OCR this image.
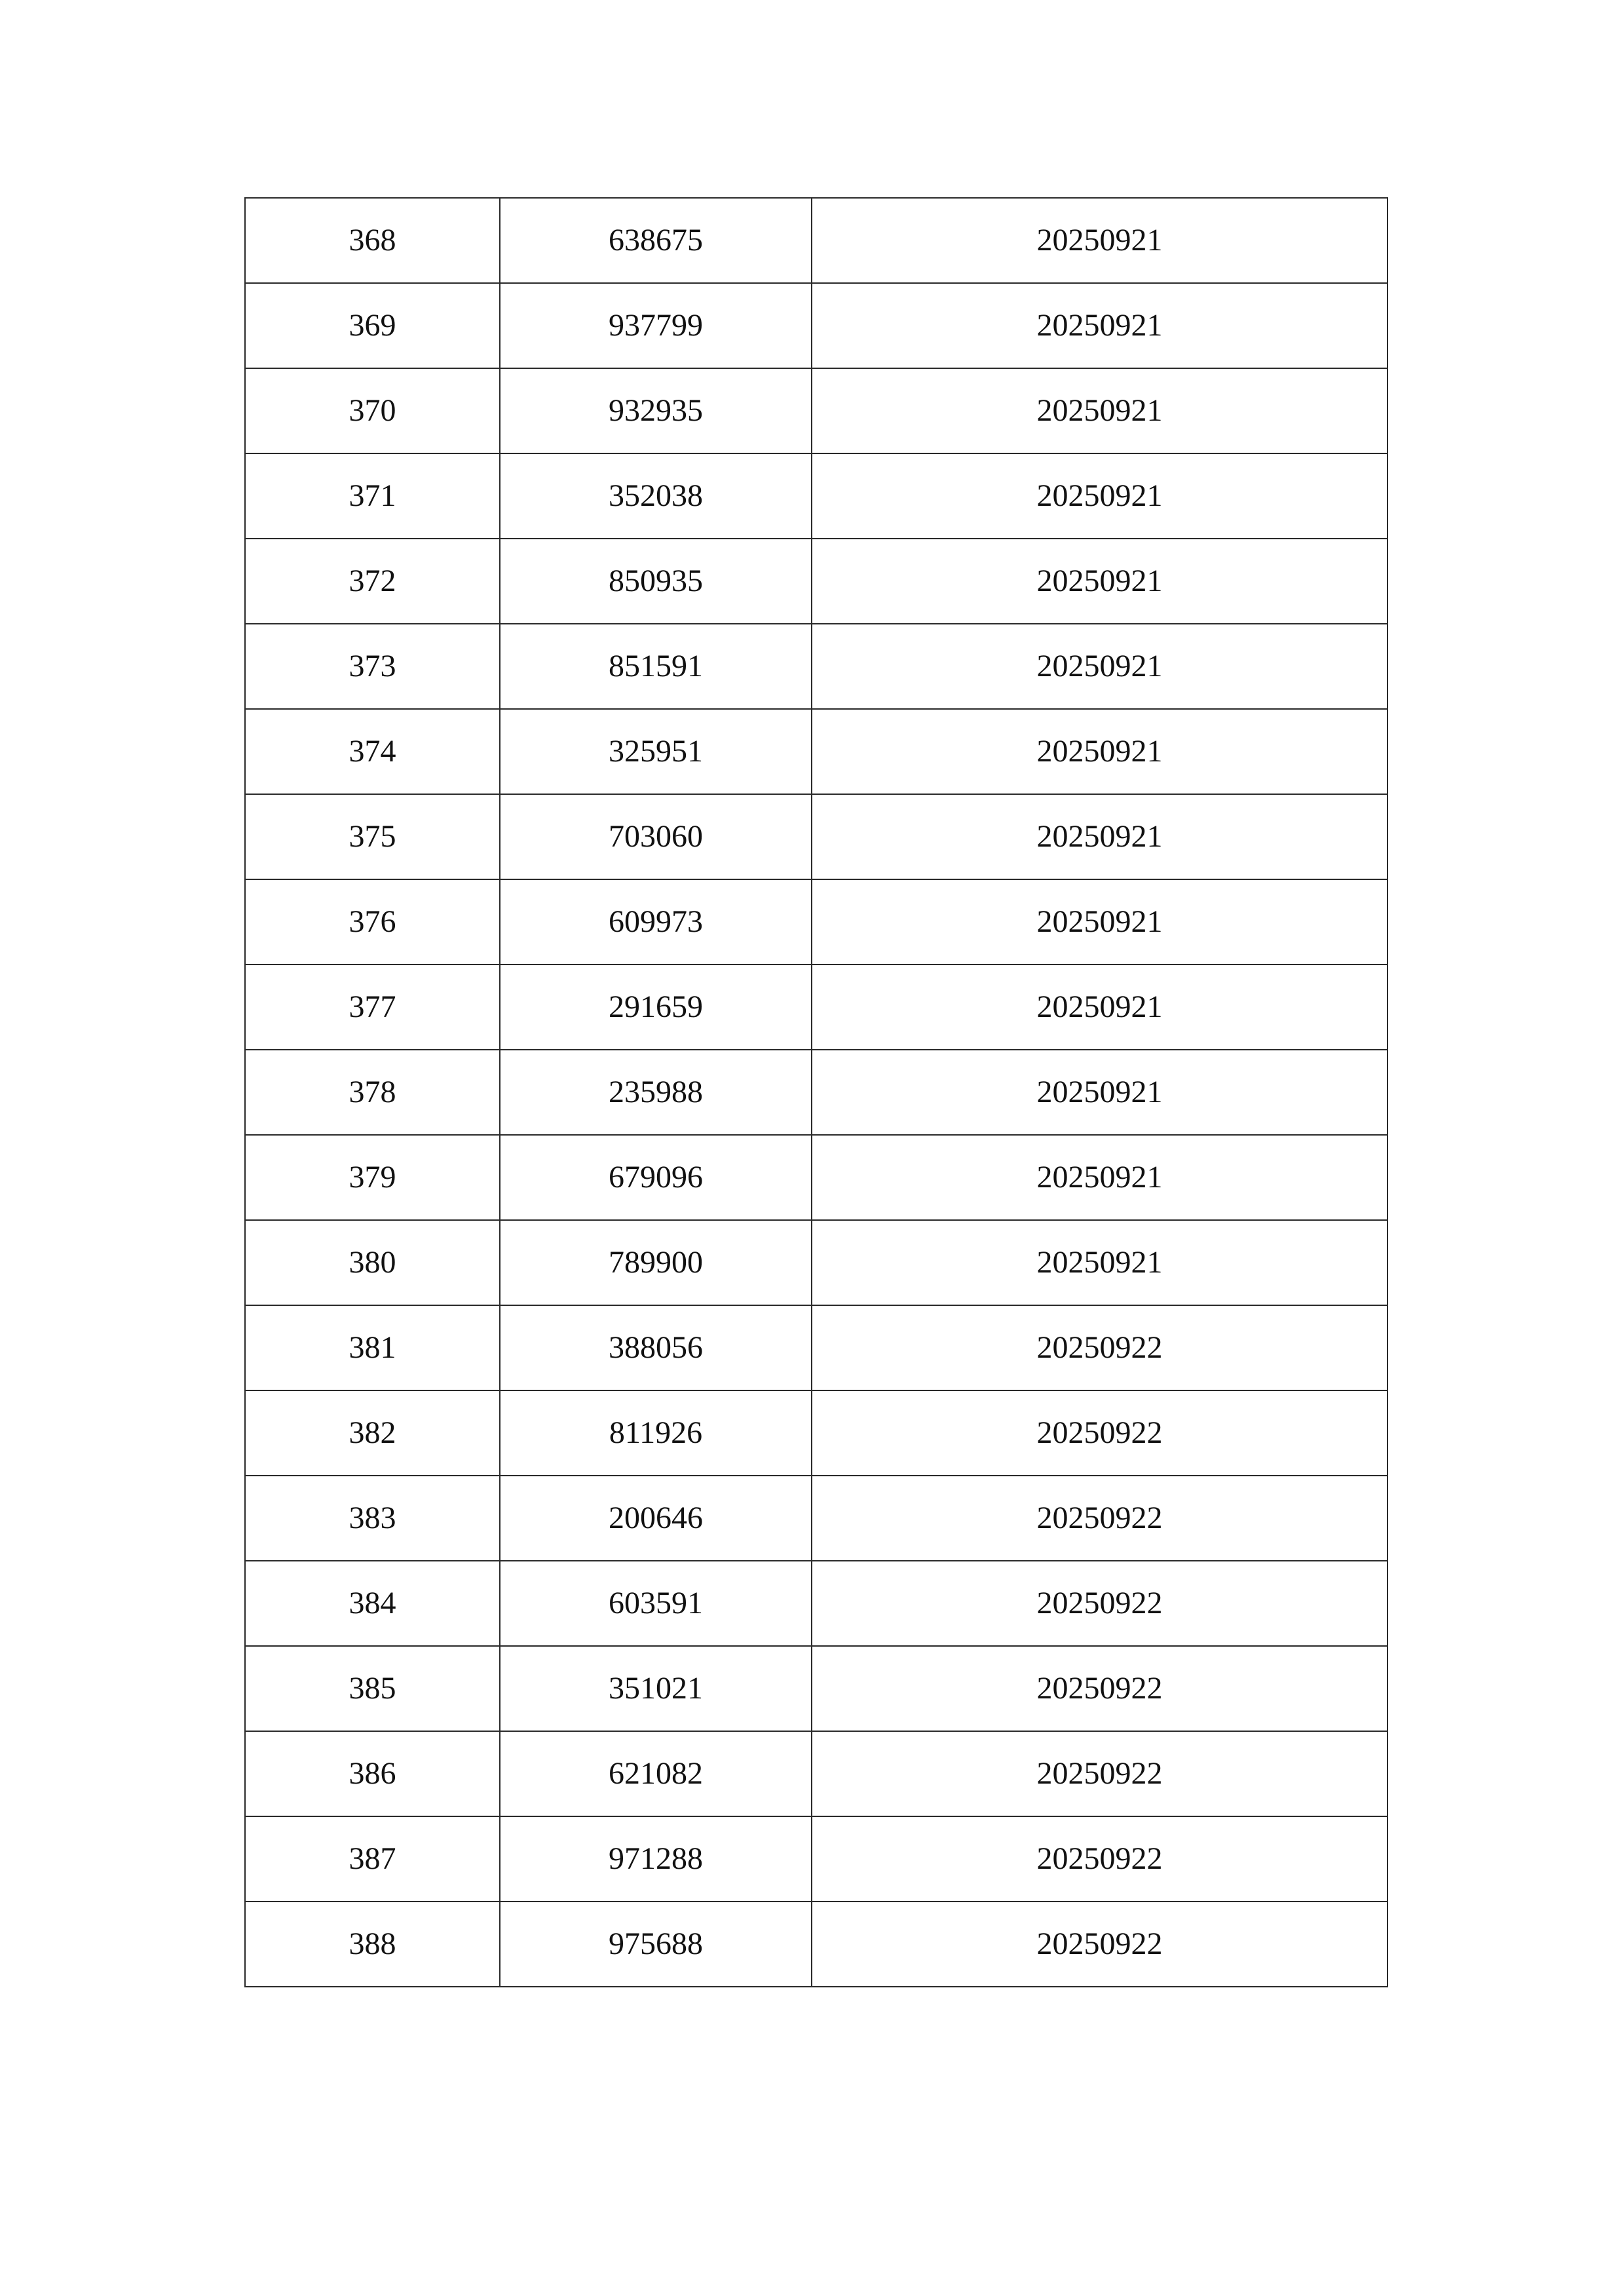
368	638675	20250921
369	937799	20250921
370	932935	20250921
371	352038	20250921
372	850935	20250921
373	851591	20250921
374	325951	20250921
375	703060	20250921
376	609973	20250921
377	291659	20250921
378	235988	20250921
379	679096	20250921
380	789900	20250921
381	388056	20250922
382	811926	20250922
383	200646	20250922
384	603591	20250922
385	351021	20250922
386	621082	20250922
387	971288	20250922
388	975688	20250922
